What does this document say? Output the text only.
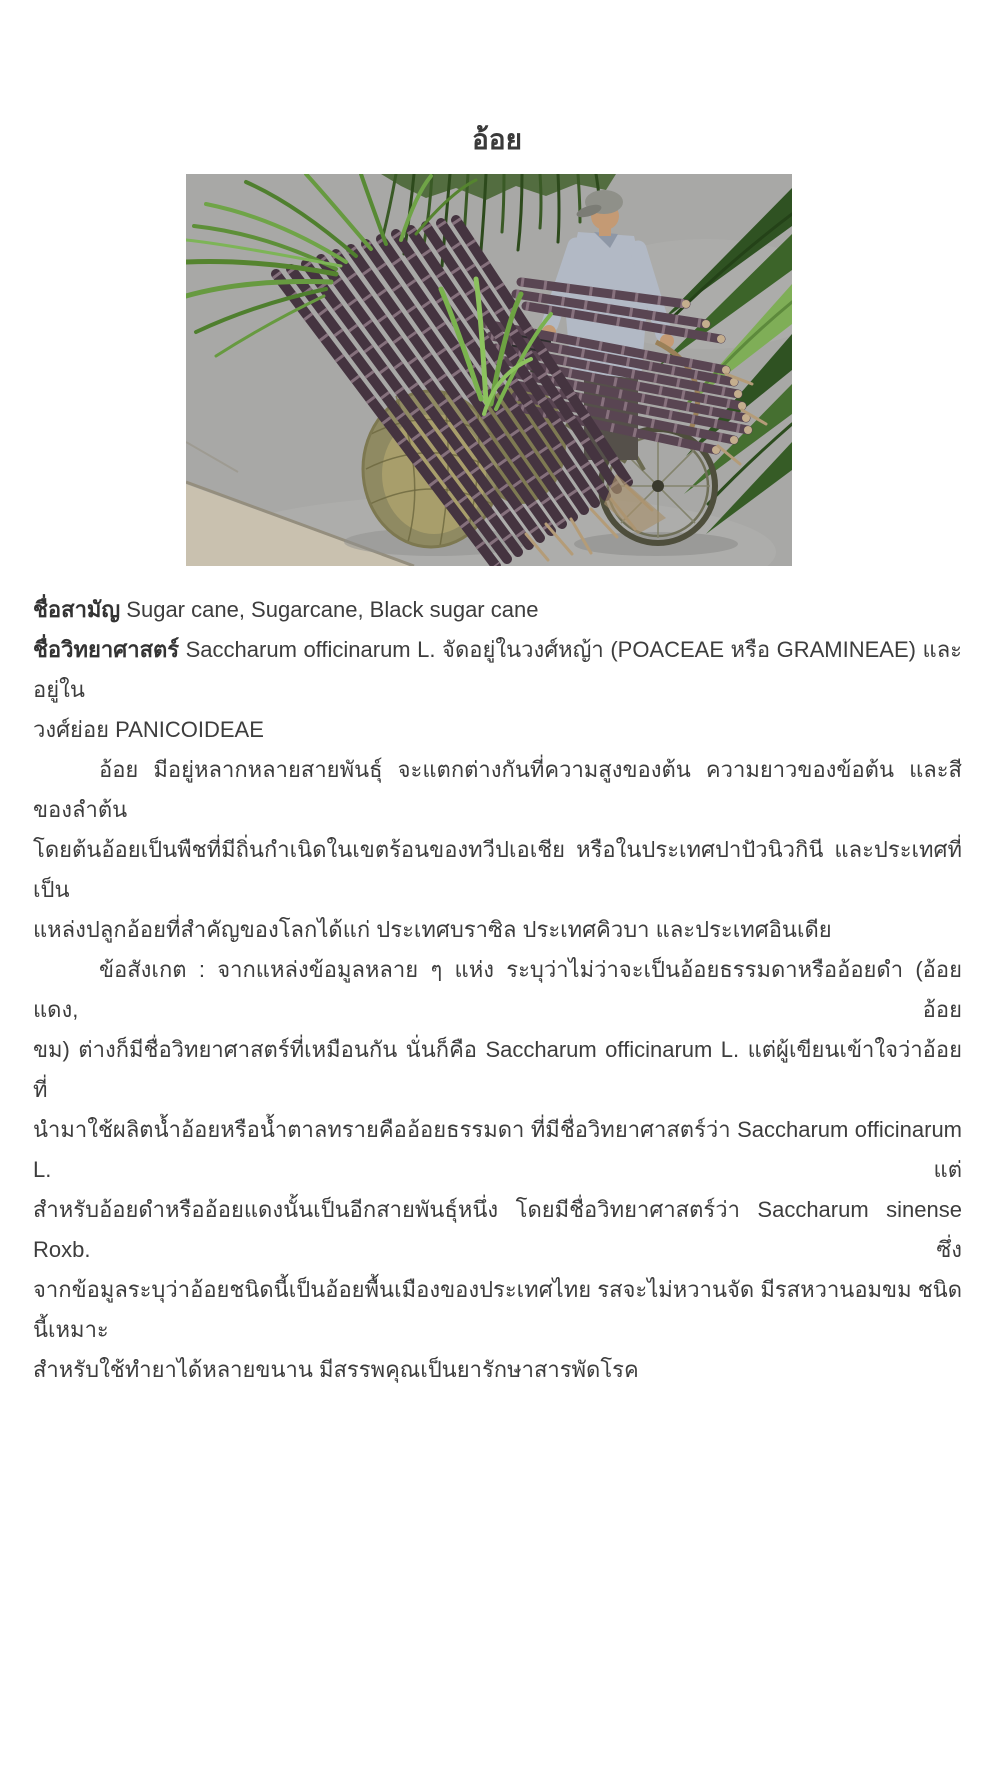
อ้อย
ชื่อสามัญ Sugar cane, Sugarcane, Black sugar cane
ชื่อวิทยาศาสตร์ Saccharum officinarum L. จัดอยู่ในวงศ์หญ้า (POACEAE หรือ GRAMINEAE) และอยู่ใน
วงศ์ย่อย PANICOIDEAE
อ้อย มีอยู่หลากหลายสายพันธุ์ จะแตกต่างกันที่ความสูงของต้น ความยาวของข้อต้น และสีของลำต้น
โดยต้นอ้อยเป็นพืชที่มีถิ่นกำเนิดในเขตร้อนของทวีปเอเชีย หรือในประเทศปาปัวนิวกินี และประเทศที่เป็น
แหล่งปลูกอ้อยที่สำคัญของโลกได้แก่ ประเทศบราซิล ประเทศคิวบา และประเทศอินเดีย
ข้อสังเกต : จากแหล่งข้อมูลหลาย ๆ แห่ง ระบุว่าไม่ว่าจะเป็นอ้อยธรรมดาหรืออ้อยดำ (อ้อยแดง, อ้อย
ขม) ต่างก็มีชื่อวิทยาศาสตร์ที่เหมือนกัน นั่นก็คือ Saccharum officinarum L. แต่ผู้เขียนเข้าใจว่าอ้อยที่
นำมาใช้ผลิตน้ำอ้อยหรือน้ำตาลทรายคืออ้อยธรรมดา ที่มีชื่อวิทยาศาสตร์ว่า Saccharum officinarum L. แต่
สำหรับอ้อยดำหรืออ้อยแดงนั้นเป็นอีกสายพันธุ์หนึ่ง โดยมีชื่อวิทยาศาสตร์ว่า Saccharum sinense Roxb. ซึ่ง
จากข้อมูลระบุว่าอ้อยชนิดนี้เป็นอ้อยพื้นเมืองของประเทศไทย รสจะไม่หวานจัด มีรสหวานอมขม ชนิดนี้เหมาะ
สำหรับใช้ทำยาได้หลายขนาน มีสรรพคุณเป็นยารักษาสารพัดโรค
